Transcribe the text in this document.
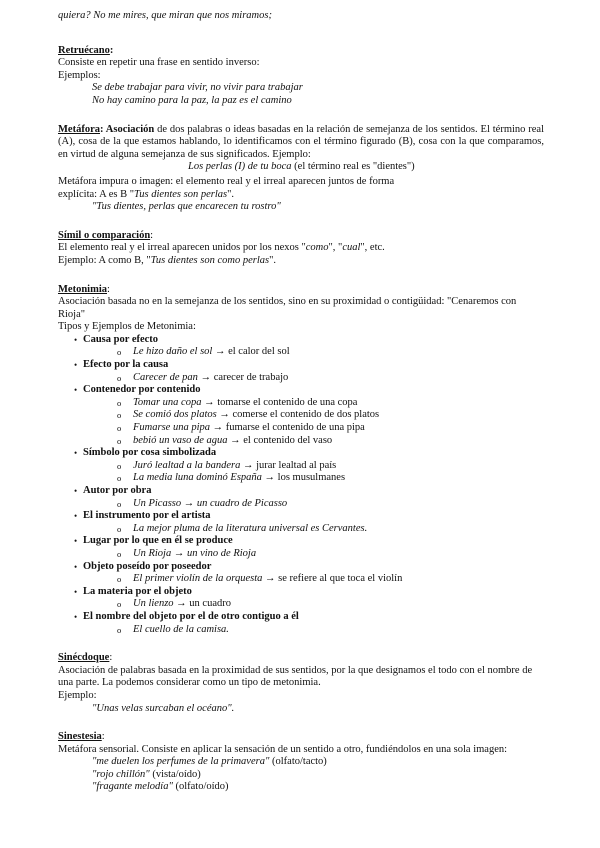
quiera? No me mires, que miran que nos miramos;

Retruécano:

Consiste en repetir una frase en sentido inverso:

Ejemplos:

Se debe trabajar para vivir, no vivir para trabajar

No hay camino para la paz, la paz es el camino

Metáfora: Asociación de dos palabras o ideas basadas en la relación de semejanza de los sentidos. El término real (A), cosa de la que estamos hablando, lo identificamos con el término figurado (B), cosa con la que comparamos, en virtud de alguna semejanza de sus significados. Ejemplo:

Los perlas (I) de tu boca (el término real es "dientes")

Metáfora impura o imagen: el elemento real y el irreal aparecen juntos de forma

explícita: A es B "Tus dientes son perlas".

"Tus dientes, perlas que encarecen tu rostro"

Símil o comparación:

El elemento real y el irreal aparecen unidos por los nexos "como", "cual", etc.

Ejemplo: A como B, "Tus dientes son como perlas".

Metonimia:

Asociación basada no en la semejanza de los sentidos, sino en su proximidad o contigüidad: "Cenaremos con Rioja"

Tipos y Ejemplos de Metonimia:

• Causa por efecto
o Le hizo daño el sol → el calor del sol
• Efecto por la causa
o Carecer de pan → carecer de trabajo
• Contenedor por contenido
o Tomar una copa → tomarse el contenido de una copa
o Se comió dos platos → comerse el contenido de dos platos
o Fumarse una pipa → fumarse el contenido de una pipa
o bebió un vaso de agua → el contenido del vaso
• Símbolo por cosa simbolizada
o Juró lealtad a la bandera → jurar lealtad al país
o La media luna dominó España → los musulmanes
• Autor por obra
o Un Picasso → un cuadro de Picasso
• El instrumento por el artista
o La mejor pluma de la literatura universal es Cervantes.
• Lugar por lo que en él se produce
o Un Rioja → un vino de Rioja
• Objeto poseído por poseedor
o El primer violín de la orquesta → se refiere al que toca el violín
• La materia por el objeto
o Un lienzo → un cuadro
• El nombre del objeto por el de otro contiguo a él
o El cuello de la camisa.

Sinécdoque:

Asociación de palabras basada en la proximidad de sus sentidos, por la que designamos el todo con el nombre de una parte. La podemos considerar como un tipo de metonimia.

Ejemplo:

"Unas velas surcaban el océano".

Sinestesia:

Metáfora sensorial. Consiste en aplicar la sensación de un sentido a otro, fundiéndolos en una sola imagen:

"me duelen los perfumes de la primavera" (olfato/tacto)

"rojo chillón" (vista/oído)

"fragante melodía" (olfato/oído)
